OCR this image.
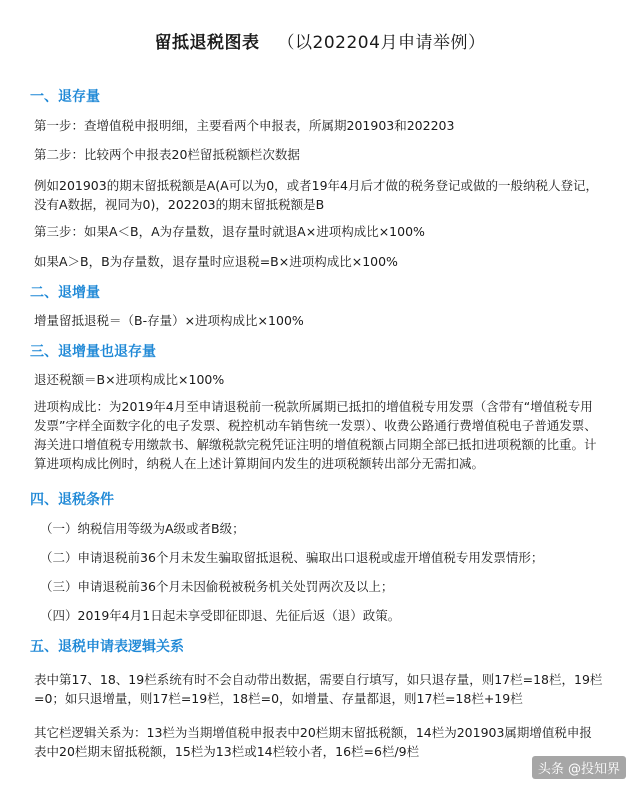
留抵退税图表 （以202204月申请举例）
一、退存量
第一步：查增值税申报明细，主要看两个申报表，所属期201903和202203
第二步：比较两个申报表20栏留抵税额栏次数据
例如201903的期末留抵税额是A(A可以为0，或者19年4月后才做的税务登记或做的一般纳税人登记，没有A数据，视同为0)，202203的期末留抵税额是B
第三步：如果A＜B，A为存量数，退存量时就退A×进项构成比×100%
如果A＞B，B为存量数，退存量时应退税=B×进项构成比×100%
二、退增量
增量留抵退税＝（B-存量）×进项构成比×100%
三、退增量也退存量
退还税额＝B×进项构成比×100%
进项构成比：为2019年4月至申请退税前一税款所属期已抵扣的增值税专用发票（含带有“增值税专用发票”字样全面数字化的电子发票、税控机动车销售统一发票）、收费公路通行费增值税电子普通发票、海关进口增值税专用缴款书、解缴税款完税凭证注明的增值税额占同期全部已抵扣进项税额的比重。计算进项构成比例时，纳税人在上述计算期间内发生的进项税额转出部分无需扣减。
四、退税条件
（一）纳税信用等级为A级或者B级；
（二）申请退税前36个月未发生骗取留抵退税、骗取出口退税或虚开增值税专用发票情形；
（三）申请退税前36个月未因偷税被税务机关处罚两次及以上；
（四）2019年4月1日起未享受即征即退、先征后返（退）政策。
五、退税申请表逻辑关系
表中第17、18、19栏系统有时不会自动带出数据，需要自行填写，如只退存量，则17栏=18栏，19栏=0；如只退增量，则17栏=19栏，18栏=0，如增量、存量都退，则17栏=18栏+19栏
其它栏逻辑关系为：13栏为当期增值税申报表中20栏期末留抵税额，14栏为201903属期增值税申报表中20栏期末留抵税额，15栏为13栏或14栏较小者，16栏=6栏/9栏
头条 @投知界
